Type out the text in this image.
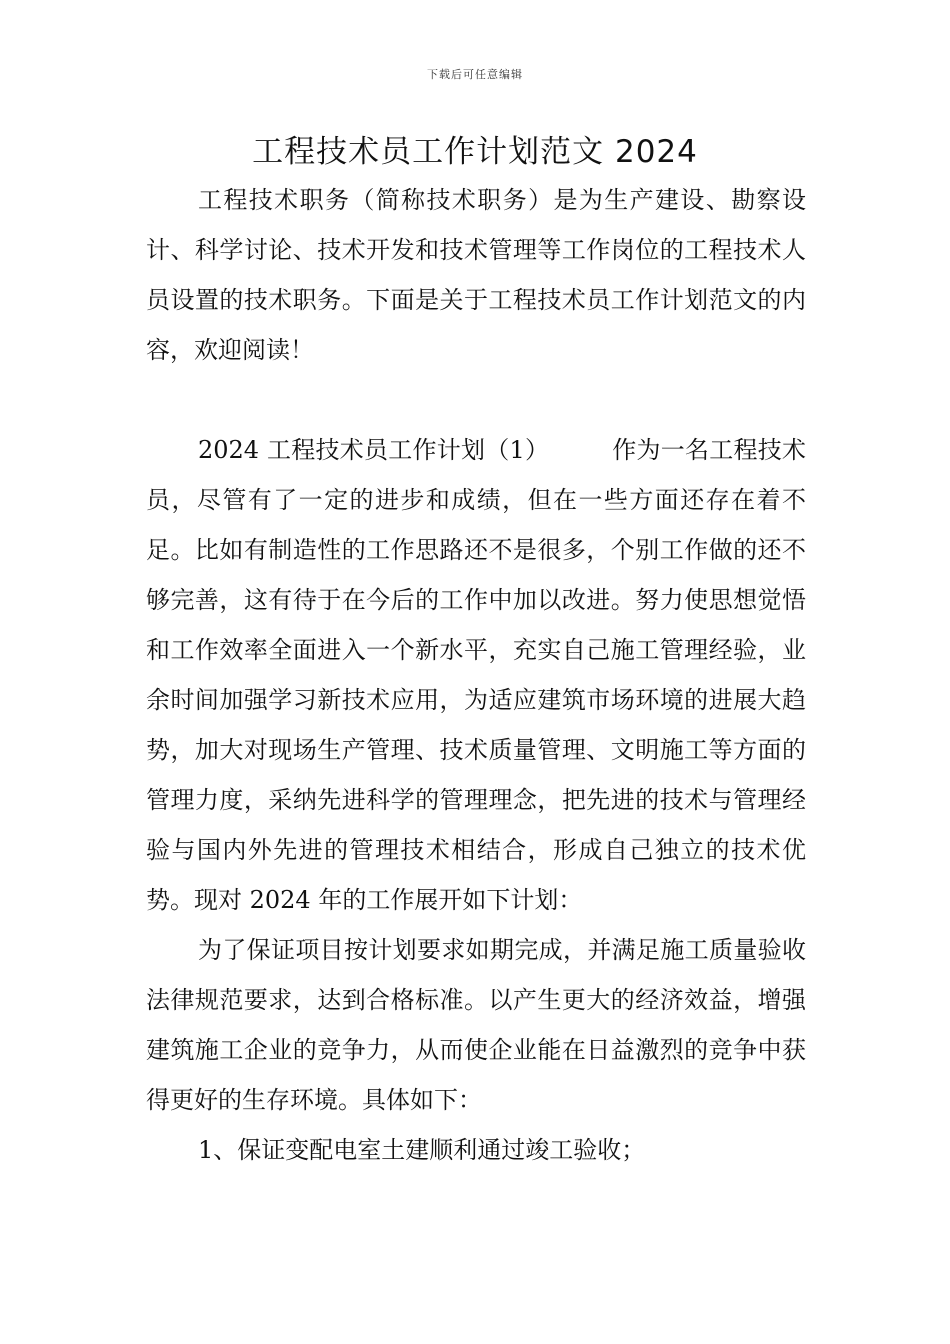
下载后可任意编辑
工程技术员工作计划范文 2024

工程技术职务（简称技术职务）是为生产建设、勘察设计、科学讨论、技术开发和技术管理等工作岗位的工程技术人员设置的技术职务。下面是关于工程技术员工作计划范文的内容，欢迎阅读！

2024 工程技术员工作计划（1）	作为一名工程技术员，尽管有了一定的进步和成绩，但在一些方面还存在着不足。比如有制造性的工作思路还不是很多，个别工作做的还不够完善，这有待于在今后的工作中加以改进。努力使思想觉悟和工作效率全面进入一个新水平，充实自己施工管理经验，业余时间加强学习新技术应用，为适应建筑市场环境的进展大趋势，加大对现场生产管理、技术质量管理、文明施工等方面的管理力度，采纳先进科学的管理理念，把先进的技术与管理经验与国内外先进的管理技术相结合，形成自己独立的技术优势。现对 2024 年的工作展开如下计划：

为了保证项目按计划要求如期完成，并满足施工质量验收法律规范要求，达到合格标准。以产生更大的经济效益，增强建筑施工企业的竞争力，从而使企业能在日益激烈的竞争中获得更好的生存环境。具体如下：

1、保证变配电室土建顺利通过竣工验收；
